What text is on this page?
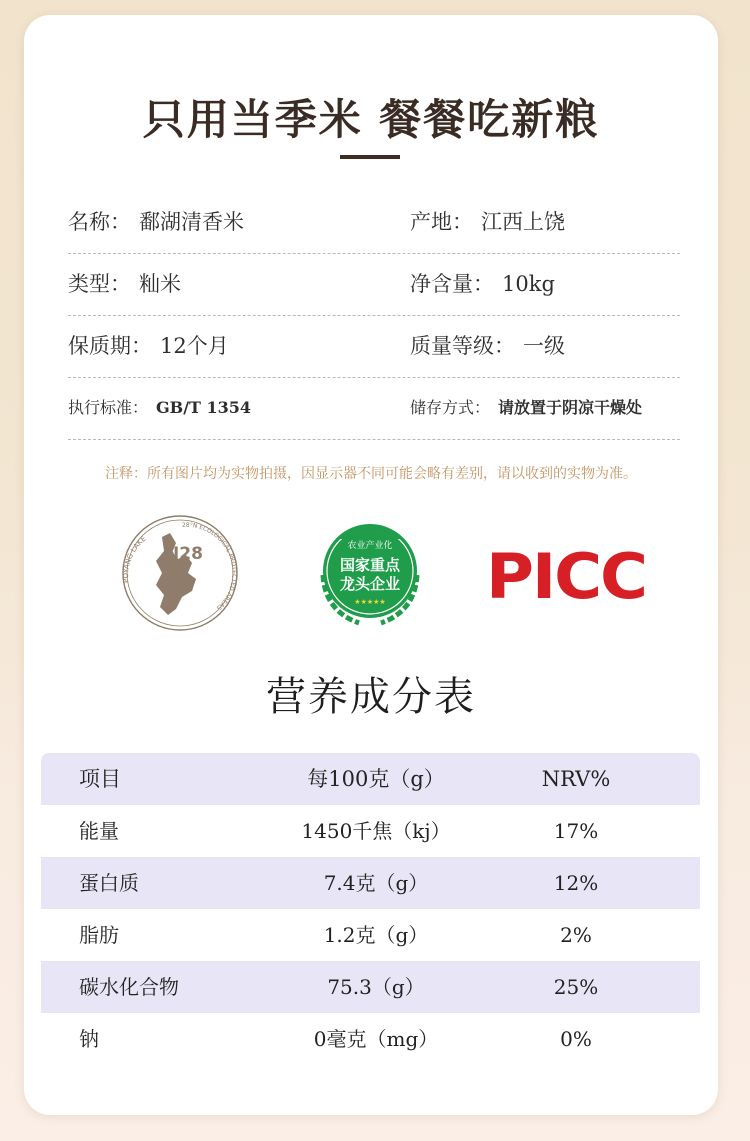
只用当季米 餐餐吃新粮
名称： 鄱湖清香米	产地： 江西上饶
类型： 籼米	净含量： 10kg
保质期： 12个月	质量等级： 一级
执行标准： GB/T 1354	储存方式： 请放置于阴凉干燥处
注释：所有图片均为实物拍摄，因显示器不同可能会略有差别，请以收到的实物为准。
POYANG LAKE
28°N ECOLOGICAL PROTECTED AREAS
N28	农业产业化
国家重点
龙头企业
★★★★★ PICC
营养成分表
项目	每100克（g）	NRV%
能量	1450千焦（kj）	17%
蛋白质	7.4克（g）	12%
脂肪	1.2克（g）	2%
碳水化合物	75.3（g）	25%
钠	0毫克（mg）	0%
